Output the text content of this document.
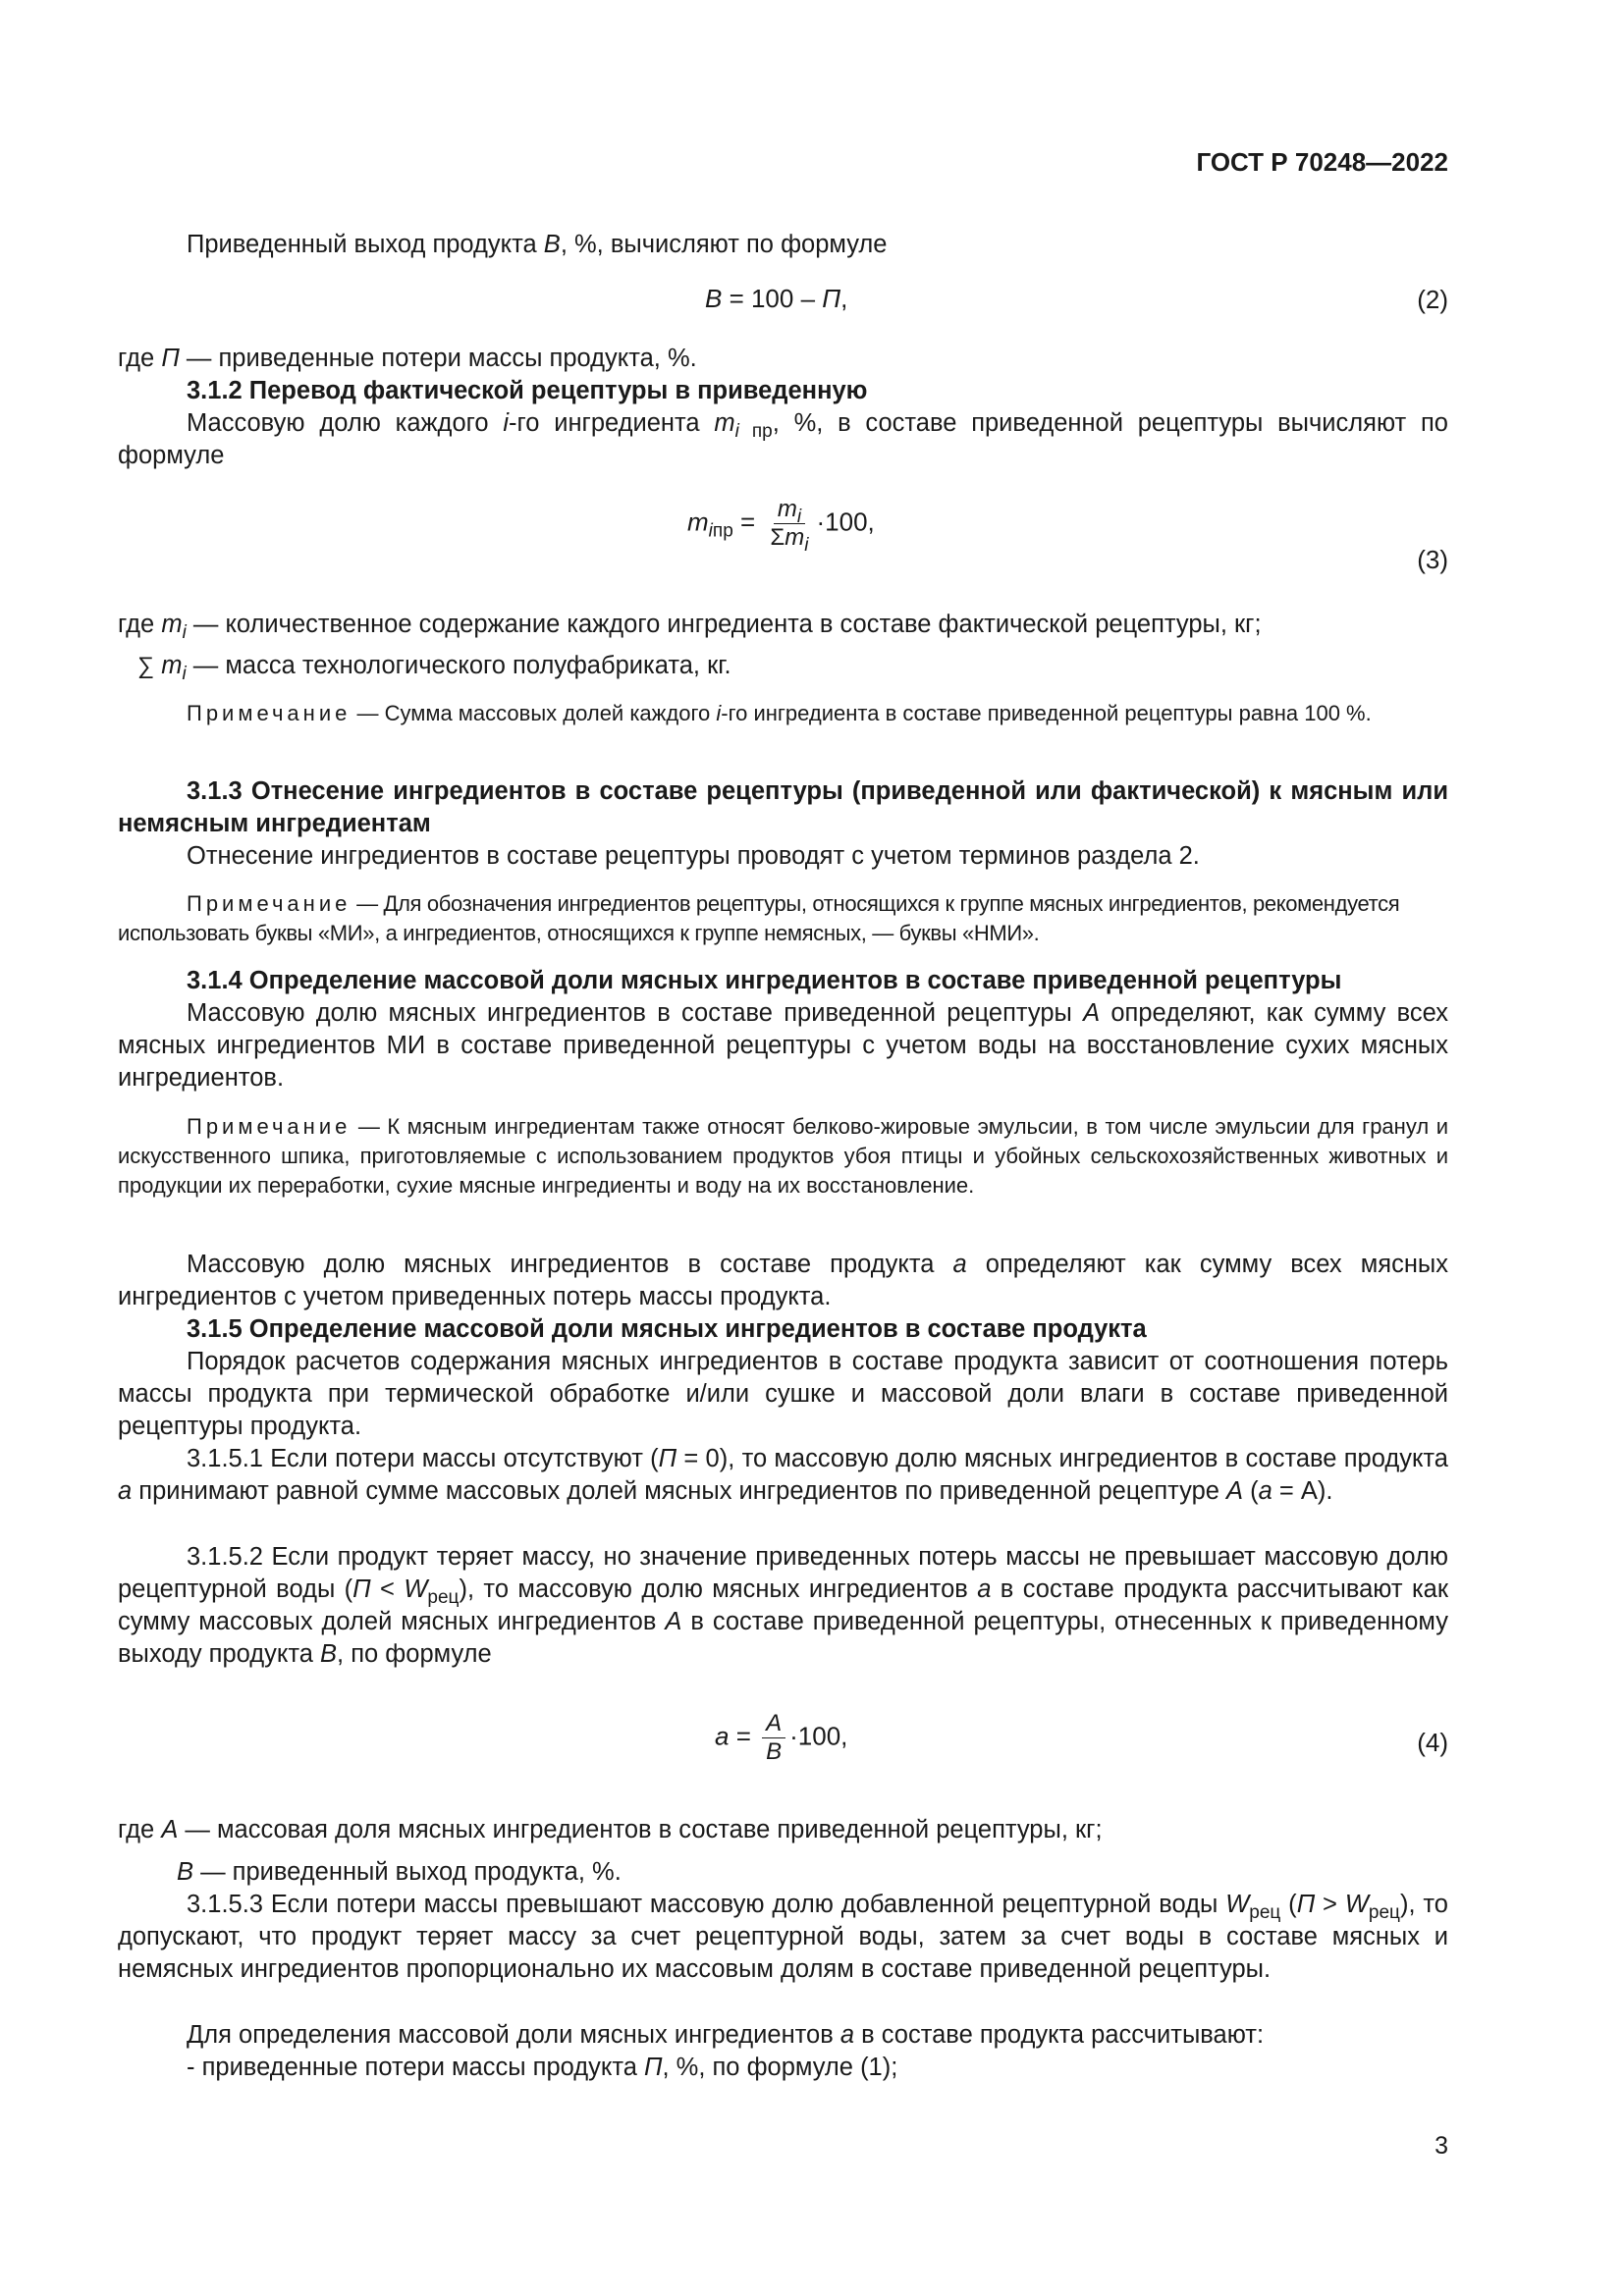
ГОСТ Р 70248—2022
Приведенный выход продукта В, %, вычисляют по формуле
В = 100 – П,	(2)
где П — приведенные потери массы продукта, %.
3.1.2 Перевод фактической рецептуры в приведенную
Массовую долю каждого i-го ингредиента $m_{i пр}$, %, в составе приведенной рецептуры вычисляют по формуле
$m_{iпр} = \frac{m_i}{\Sigma m_i} \cdot 100$,
(3)
где $m_i$ — количественное содержание каждого ингредиента в составе фактической рецептуры, кг;
∑ $m_i$ — масса технологического полуфабриката, кг.
Примечание — Сумма массовых долей каждого i-го ингредиента в составе приведенной рецептуры равна 100 %.
3.1.3 Отнесение ингредиентов в составе рецептуры (приведенной или фактической) к мясным или немясным ингредиентам
Отнесение ингредиентов в составе рецептуры проводят с учетом терминов раздела 2.
Примечание — Для обозначения ингредиентов рецептуры, относящихся к группе мясных ингредиентов, рекомендуется использовать буквы «МИ», а ингредиентов, относящихся к группе немясных, — буквы «НМИ».
3.1.4 Определение массовой доли мясных ингредиентов в составе приведенной рецептуры
Массовую долю мясных ингредиентов в составе приведенной рецептуры А определяют, как сумму всех мясных ингредиентов МИ в составе приведенной рецептуры с учетом воды на восстановление сухих мясных ингредиентов.
Примечание — К мясным ингредиентам также относят белково-жировые эмульсии, в том числе эмульсии для гранул и искусственного шпика, приготовляемые с использованием продуктов убоя птицы и убойных сельскохозяйственных животных и продукции их переработки, сухие мясные ингредиенты и воду на их восстановление.
Массовую долю мясных ингредиентов в составе продукта а определяют как сумму всех мясных ингредиентов с учетом приведенных потерь массы продукта.
3.1.5 Определение массовой доли мясных ингредиентов в составе продукта
Порядок расчетов содержания мясных ингредиентов в составе продукта зависит от соотношения потерь массы продукта при термической обработке и/или сушке и массовой доли влаги в составе приведенной рецептуры продукта.
3.1.5.1 Если потери массы отсутствуют (П = 0), то массовую долю мясных ингредиентов в составе продукта а принимают равной сумме массовых долей мясных ингредиентов по приведенной рецептуре А (а = А).
3.1.5.2 Если продукт теряет массу, но значение приведенных потерь массы не превышает массовую долю рецептурной воды $(П < W_{рец})$, то массовую долю мясных ингредиентов а в составе продукта рассчитывают как сумму массовых долей мясных ингредиентов А в составе приведенной рецептуры, отнесенных к приведенному выходу продукта В, по формуле
$a = \frac{A}{B} \cdot 100$,	(4)
где А — массовая доля мясных ингредиентов в составе приведенной рецептуры, кг;
В — приведенный выход продукта, %.
3.1.5.3 Если потери массы превышают массовую долю добавленной рецептурной воды $W_{рец}$ $(П > W_{рец})$, то допускают, что продукт теряет массу за счет рецептурной воды, затем за счет воды в составе мясных и немясных ингредиентов пропорционально их массовым долям в составе приведенной рецептуры.
Для определения массовой доли мясных ингредиентов а в составе продукта рассчитывают:
- приведенные потери массы продукта П, %, по формуле (1);
3
